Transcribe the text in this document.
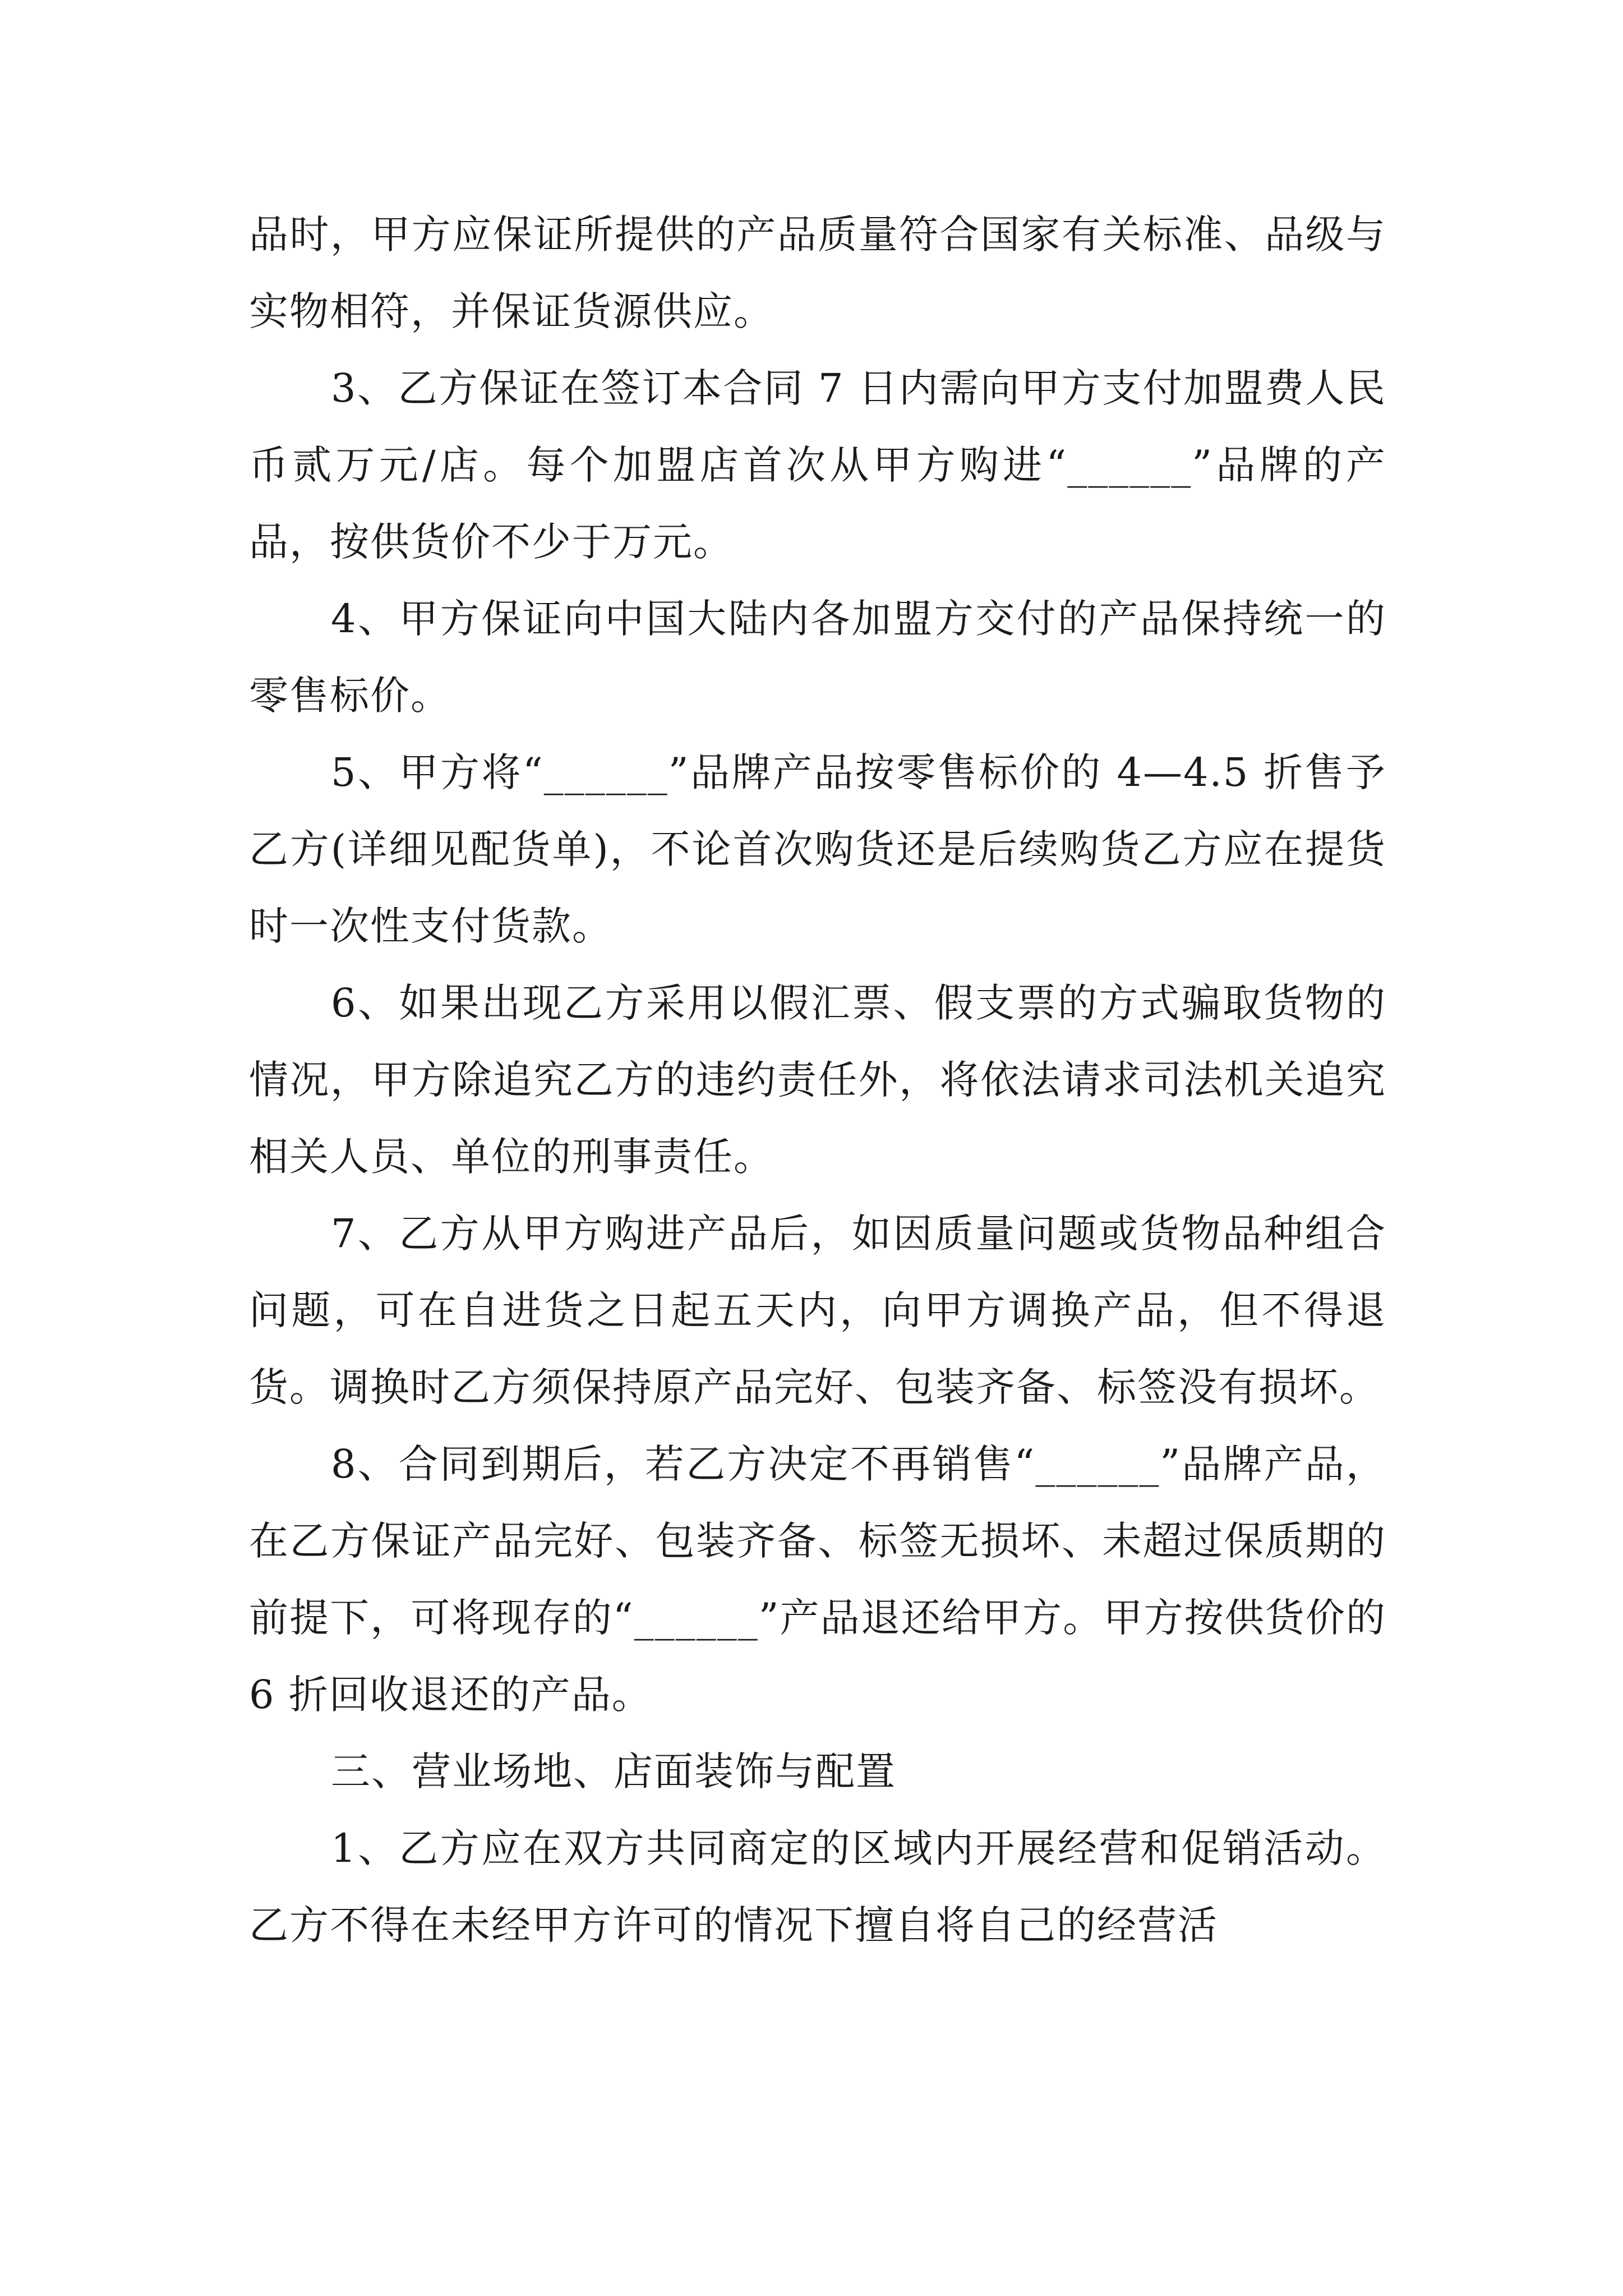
品时，甲方应保证所提供的产品质量符合国家有关标准、品级与实物相符，并保证货源供应。

3、乙方保证在签订本合同 7 日内需向甲方支付加盟费人民币贰万元/店。每个加盟店首次从甲方购进“______”品牌的产品，按供货价不少于万元。

4、甲方保证向中国大陆内各加盟方交付的产品保持统一的零售标价。

5、甲方将“______”品牌产品按零售标价的 4—4.5 折售予乙方(详细见配货单)，不论首次购货还是后续购货乙方应在提货时一次性支付货款。

6、如果出现乙方采用以假汇票、假支票的方式骗取货物的情况，甲方除追究乙方的违约责任外，将依法请求司法机关追究相关人员、单位的刑事责任。

7、乙方从甲方购进产品后，如因质量问题或货物品种组合问题，可在自进货之日起五天内，向甲方调换产品，但不得退货。调换时乙方须保持原产品完好、包装齐备、标签没有损坏。

8、合同到期后，若乙方决定不再销售“______”品牌产品，在乙方保证产品完好、包装齐备、标签无损坏、未超过保质期的前提下，可将现存的“______”产品退还给甲方。甲方按供货价的 6 折回收退还的产品。

三、营业场地、店面装饰与配置

1、乙方应在双方共同商定的区域内开展经营和促销活动。乙方不得在未经甲方许可的情况下擅自将自己的经营活
